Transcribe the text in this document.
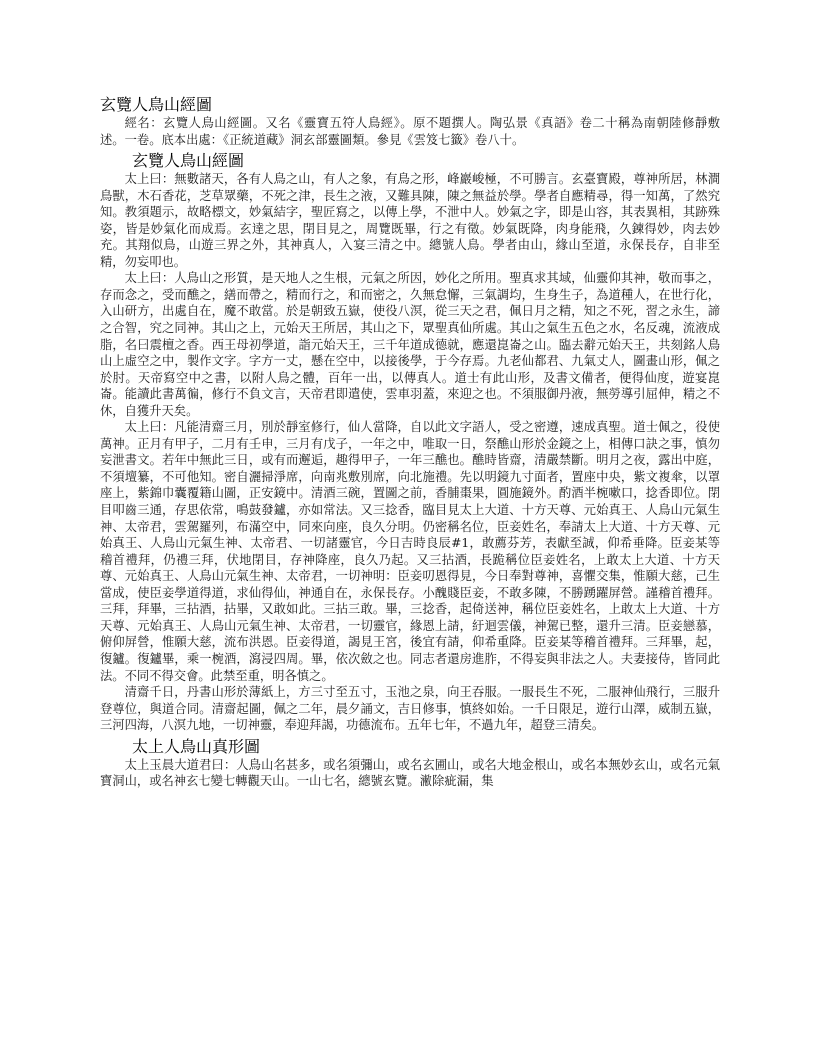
玄覽人鳥山經圖
經名：玄覽人鳥山經圖。又名《靈寶五符人鳥經》。原不題撰人。陶弘景《真語》卷二十稱為南朝陸修靜敷述。一卷。底本出處：《正統道藏》洞玄部靈圖類。參見《雲笈七籤》卷八十。
玄覽人鳥山經圖
太上曰：無數諸天，各有人鳥之山，有人之象，有鳥之形，峰巖峻極，不可勝言。玄臺寶殿，尊神所居，林澗鳥獸，木石香花，芝草眾藥，不死之津，長生之液，又難具陳，陳之無益於學。學者自應精尋，得一知萬，了然究知。教須題示，故略標文，妙氣結字，聖匠寫之，以傳上學，不泄中人。妙氣之字，即是山容，其表異相，其跡殊姿，皆是妙氣化而成焉。玄達之思，閉目見之，周覽既畢，行之有徵。妙氣既降，肉身能飛，久鍊得妙，肉去妙充。其翔似鳥，山遊三界之外，其神真人，入宴三清之中。總號人鳥。學者由山，緣山至道，永保長存，自非至精，勿妄叩也。
太上曰：人鳥山之形質，是天地人之生根，元氣之所因，妙化之所用。聖真求其域，仙靈仰其神，敬而事之，存而念之，受而醮之，繕而帶之，精而行之，和而密之，久無怠懈，三氣調均，生身生子，為道種人，在世行化，入山研方，出處自在，魔不敢當。於是朝致五嶽，使役八溟，從三天之君，佩日月之精，知之不死，習之永生，諦之合智，究之同神。其山之上，元始天王所居，其山之下，眾聖真仙所處。其山之氣生五色之水，名反魂，流液成脂，名曰震檀之香。西王母初學道，詣元始天王，三千年道成德就，應還崑崙之山。臨去辭元始天王，共刻銘人鳥山上虛空之中，製作文字。字方一丈，懸在空中，以接後學，于今存焉。九老仙都君、九氣丈人，圖畫山形，佩之於肘。天帝寫空中之書，以附人鳥之體，百年一出，以傳真人。道士有此山形，及書文備者，便得仙度，遊宴崑崙。能讀此書萬徧，修行不負文言，天帝君即遣使，雲車羽蓋，來迎之也。不須服御丹液，無勞導引屈伸，精之不休，自獲升天矣。
太上曰：凡能清齋三月，別於靜室修行，仙人當降，自以此文字語人，受之密遵，速成真聖。道士佩之，役使萬神。正月有甲子，二月有壬申，三月有戊子，一年之中，唯取一日，祭醮山形於金鏡之上，相傳口訣之事，慎勿妄泄書文。若年中無此三日，或有而邂逅，趣得甲子，一年三醮也。醮時皆齋，清嚴禁斷。明月之夜，露出中庭，不須壇纂，不可他知。密自灑掃淨席，向南兆敷別席，向北施禮。先以明鏡九寸面者，置座中央，紫文複傘，以罩座上，紫錦巾囊覆籍山圖，正安鏡中。清酒三碗，置圖之前，香脯棗果，圓施鏡外。酌酒半椀嗽口，捻香即位。閉目叩齒三通，存思依常，鳴鼓發鑪，亦如常法。又三捻香，臨目見太上大道、十方天尊、元始真王、人鳥山元氣生神、太帝君，雲駕羅列，布滿空中，同來向座，良久分明。仍密稱名位，臣妾姓名，奉請太上大道、十方天尊、元始真王、人鳥山元氣生神、太帝君、一切諸靈官，今日吉時良辰#1，敢薦芬芳，表獻至誠，仰希垂降。臣妾某等稽首禮拜，仍禮三拜，伏地閉目，存神降座，良久乃起。又三拈酒，長跪稱位臣妾姓名，上敢太上大道、十方天尊、元始真王、人鳥山元氣生神、太帝君，一切神明：臣妾叨恩得見，今日奉對尊神，喜懼交集，惟願大慈，己生當成，使臣妾學道得道，求仙得仙，神通自在，永保長存。小醜賤臣妾，不敢多陳，不勝踴躍屏營。謹稽首禮拜。三拜，拜畢，三拈酒，拈畢，又敢如此。三拈三敢。畢，三捻香，起倚送神，稱位臣妾姓名，上敢太上大道、十方天尊、元始真王、人鳥山元氣生神、太帝君，一切靈官，緣恩上請，紆迴雲儀，神駕已整，還升三清。臣妾戀慕，俯仰屏營，惟願大慈，流布洪恩。臣妾得道，謁見王宮，後宜有請，仰希重降。臣妾某等稽首禮拜。三拜畢，起，復鑪。復鑪畢，乘一椀酒，瀉浸四周。畢，依次斂之也。同志者還房進胙，不得妄與非法之人。夫妻接侍，皆同此法。不同不得交會。此禁至重，明各慎之。
清齋千日，丹書山形於薄紙上，方三寸至五寸，玉池之泉，向王吞服。一服長生不死，二服神仙飛行，三服升登尊位，與道合同。清齋起圖，佩之二年，晨夕誦文，吉日修事，慎終如始。一千日限足，遊行山澤，威制五嶽，三河四海，八溟九地，一切神靈，奉迎拜謁，功德流布。五年七年，不過九年，超登三清矣。
太上人鳥山真形圖
太上玉晨大道君曰：人鳥山名甚多，或名須彌山，或名玄圃山，或名大地金根山，或名本無妙玄山，或名元氣寶洞山，或名神玄七變七轉觀天山。一山七名，總號玄覽。潎除疵漏，集
